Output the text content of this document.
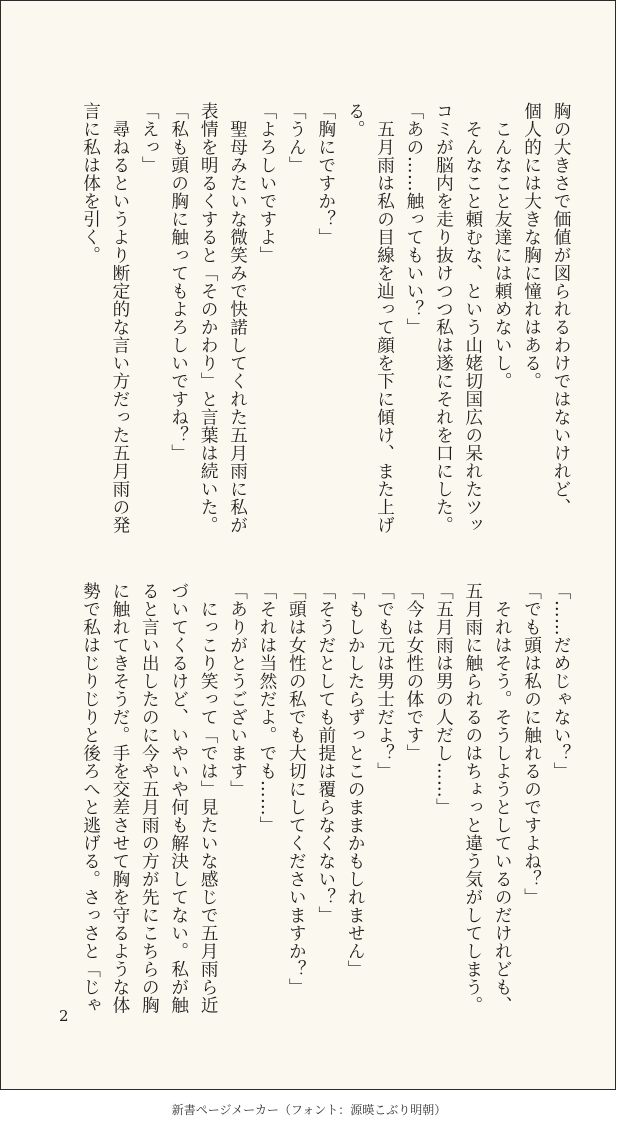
胸の大きさで価値が図られるわけではないけれど、
個人的には大きな胸に憧れはある。
　こんなこと友達には頼めないし。
　そんなこと頼むな、という山姥切国広の呆れたツッ
コミが脳内を走り抜けつつ私は遂にそれを口にした。
「あの……触ってもいい？」
　五月雨は私の目線を辿って顔を下に傾け、また上げ
る。
「胸にですか？」
「うん」
「よろしいですよ」
　聖母みたいな微笑みで快諾してくれた五月雨に私が
表情を明るくすると「そのかわり」と言葉は続いた。
「私も頭の胸に触ってもよろしいですね？」
「えっ」
　尋ねるというより断定的な言い方だった五月雨の発
言に私は体を引く。
「……だめじゃない？」
「でも頭は私のに触れるのですよね？」
　それはそう。そうしようとしているのだけれども、
五月雨に触られるのはちょっと違う気がしてしまう。
「五月雨は男の人だし……」
「今は女性の体です」
「でも元は男士だよ？」
「もしかしたらずっとこのままかもしれません」
「そうだとしても前提は覆らなくない？」
「頭は女性の私でも大切にしてくださいますか？」
「それは当然だよ。でも……」
「ありがとうございます」
　にっこり笑って「では」見たいな感じで五月雨ら近
づいてくるけど、いやいや何も解決してない。私が触
ると言い出したのに今や五月雨の方が先にこちらの胸
に触れてきそうだ。手を交差させて胸を守るような体
勢で私はじりじりと後ろへと逃げる。さっさと「じゃ
2
新書ページメーカー（フォント：源暎こぶり明朝）
